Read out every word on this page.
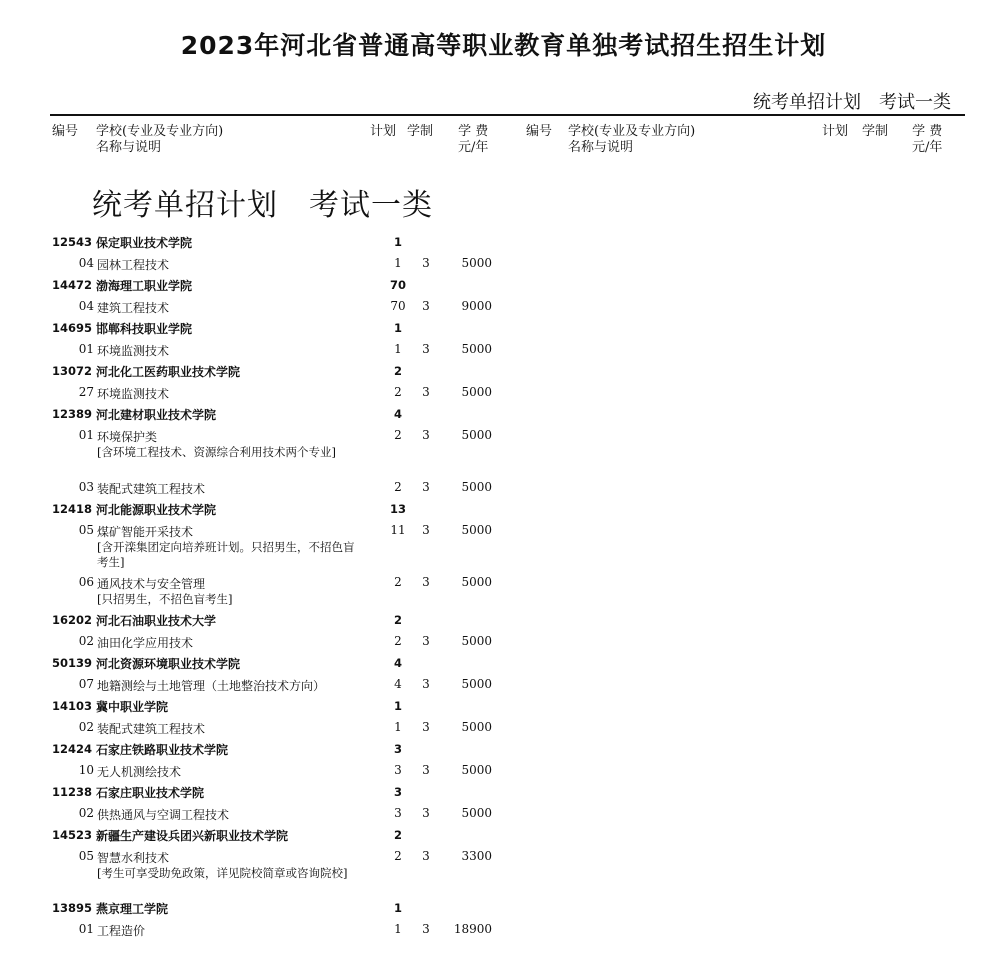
2023年河北省普通高等职业教育单独考试招生招生计划
统考单招计划　考试一类
编号 学校(专业及专业方向)
名称与说明
计划 学制 学 费
元/年
编号 学校(专业及专业方向)
名称与说明
计划 学制 学 费
元/年
统考单招计划　考试一类
12543 保定职业技术学院	1
04 园林工程技术	1	3	5000
14472 渤海理工职业学院	70
04 建筑工程技术	70	3	9000
14695 邯郸科技职业学院	1
01 环境监测技术	1	3	5000
13072 河北化工医药职业技术学院	2
27 环境监测技术	2	3	5000
12389 河北建材职业技术学院	4
01 环境保护类	2	3	5000
[含环境工程技术、资源综合利用技术两个专业]
03 装配式建筑工程技术	2	3	5000
12418 河北能源职业技术学院	13
05 煤矿智能开采技术	11	3	5000
[含开滦集团定向培养班计划。只招男生，不招色盲考生]
06 通风技术与安全管理	2	3	5000
[只招男生，不招色盲考生]
16202 河北石油职业技术大学	2
02 油田化学应用技术	2	3	5000
50139 河北资源环境职业技术学院	4
07 地籍测绘与土地管理（土地整治技术方向）	4	3	5000
14103 冀中职业学院	1
02 装配式建筑工程技术	1	3	5000
12424 石家庄铁路职业技术学院	3
10 无人机测绘技术	3	3	5000
11238 石家庄职业技术学院	3
02 供热通风与空调工程技术	3	3	5000
14523 新疆生产建设兵团兴新职业技术学院	2
05 智慧水利技术	2	3	3300
[考生可享受助免政策，详见院校简章或咨询院校]
13895 燕京理工学院	1
01 工程造价	1	3	18900
